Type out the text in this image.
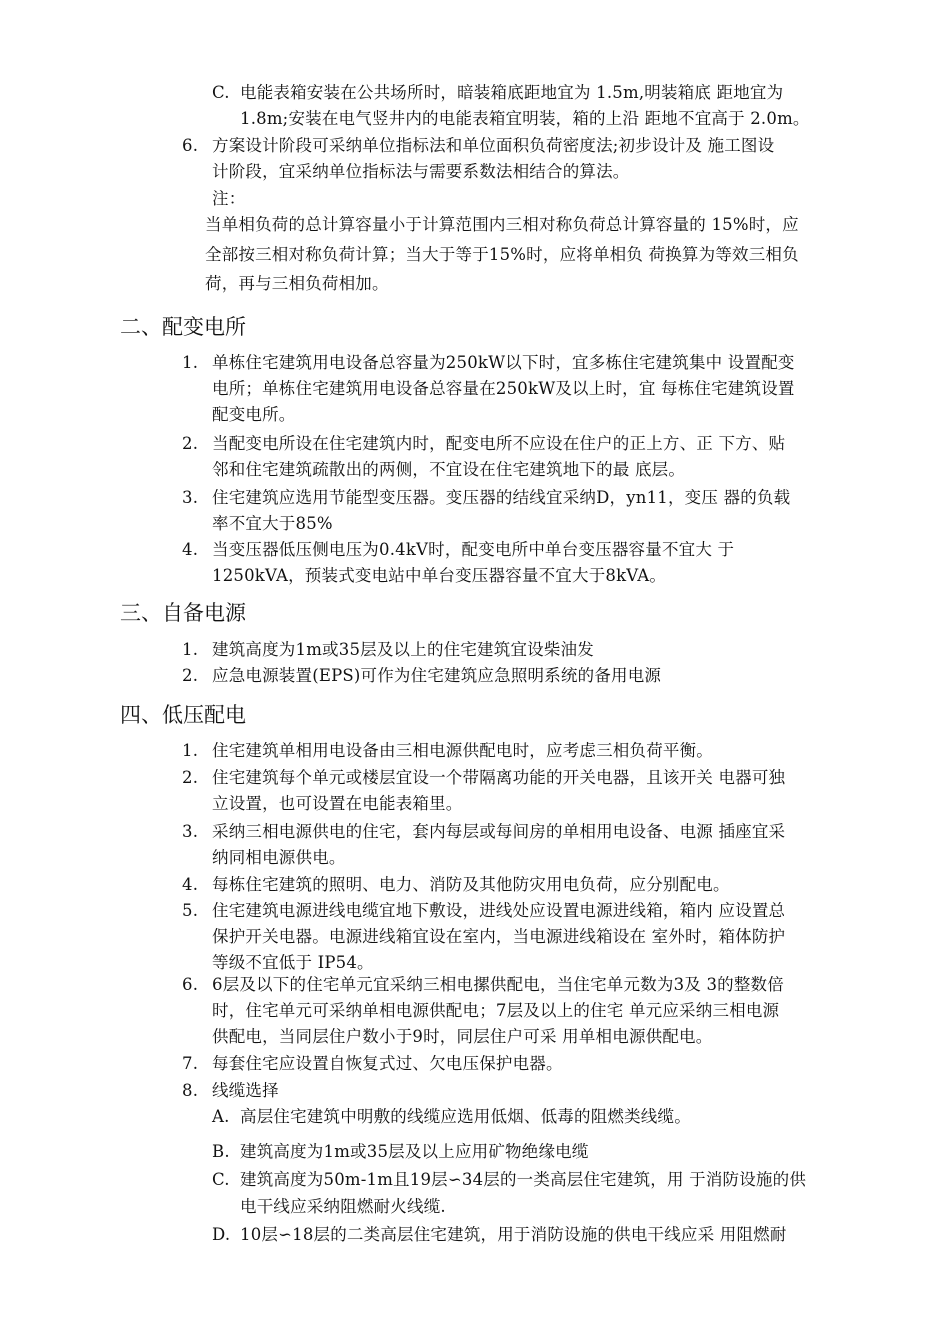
C. 电能表箱安装在公共场所时，暗装箱底距地宜为 1.5m,明装箱底 距地宜为
1.8m;安装在电气竖井内的电能表箱宜明装，箱的上沿 距地不宜高于 2.0m。
6. 方案设计阶段可采纳单位指标法和单位面积负荷密度法;初步设计及 施工图设
计阶段，宜采纳单位指标法与需要系数法相结合的算法。
注：
当单相负荷的总计算容量小于计算范围内三相对称负荷总计算容量的 15%时，应
全部按三相对称负荷计算；当大于等于15%时，应将单相负 荷换算为等效三相负
荷，再与三相负荷相加。
二、配变电所
1. 单栋住宅建筑用电设备总容量为250kW以下时，宜多栋住宅建筑集中 设置配变
电所；单栋住宅建筑用电设备总容量在250kW及以上时，宜 每栋住宅建筑设置
配变电所。
2. 当配变电所设在住宅建筑内时，配变电所不应设在住户的正上方、正 下方、贴
邻和住宅建筑疏散出的两侧，不宜设在住宅建筑地下的最 底层。
3. 住宅建筑应选用节能型变压器。变压器的结线宜采纳D，yn11，变压 器的负载
率不宜大于85%
4. 当变压器低压侧电压为0.4kV时，配变电所中单台变压器容量不宜大 于
1250kVA，预装式变电站中单台变压器容量不宜大于8kVA。
三、自备电源
1. 建筑高度为1m或35层及以上的住宅建筑宜设柴油发
2. 应急电源装置(EPS)可作为住宅建筑应急照明系统的备用电源
四、低压配电
1. 住宅建筑单相用电设备由三相电源供配电时，应考虑三相负荷平衡。
2. 住宅建筑每个单元或楼层宜设一个带隔离功能的开关电器，且该开关 电器可独
立设置，也可设置在电能表箱里。
3. 采纳三相电源供电的住宅，套内每层或每间房的单相用电设备、电源 插座宜采
纳同相电源供电。
4. 每栋住宅建筑的照明、电力、消防及其他防灾用电负荷，应分别配电。
5. 住宅建筑电源进线电缆宜地下敷设，进线处应设置电源进线箱，箱内 应设置总
保护开关电器。电源进线箱宜设在室内，当电源进线箱设在 室外时，箱体防护
等级不宜低于 IP54。
6. 6层及以下的住宅单元宜采纳三相电摞供配电，当住宅单元数为3及 3的整数倍
时，住宅单元可采纳单相电源供配电；7层及以上的住宅 单元应采纳三相电源
供配电，当同层住户数小于9时，同层住户可采 用单相电源供配电。
7. 每套住宅应设置自恢复式过、欠电压保护电器。
8. 线缆选择
A. 高层住宅建筑中明敷的线缆应选用低烟、低毒的阻燃类线缆。
B. 建筑高度为1m或35层及以上应用矿物绝缘电缆
C. 建筑高度为50m-1m且19层∽34层的一类高层住宅建筑，用 于消防设施的供
电干线应采纳阻燃耐火线缆.
D. 10层∽18层的二类高层住宅建筑，用于消防设施的供电干线应采 用阻燃耐
